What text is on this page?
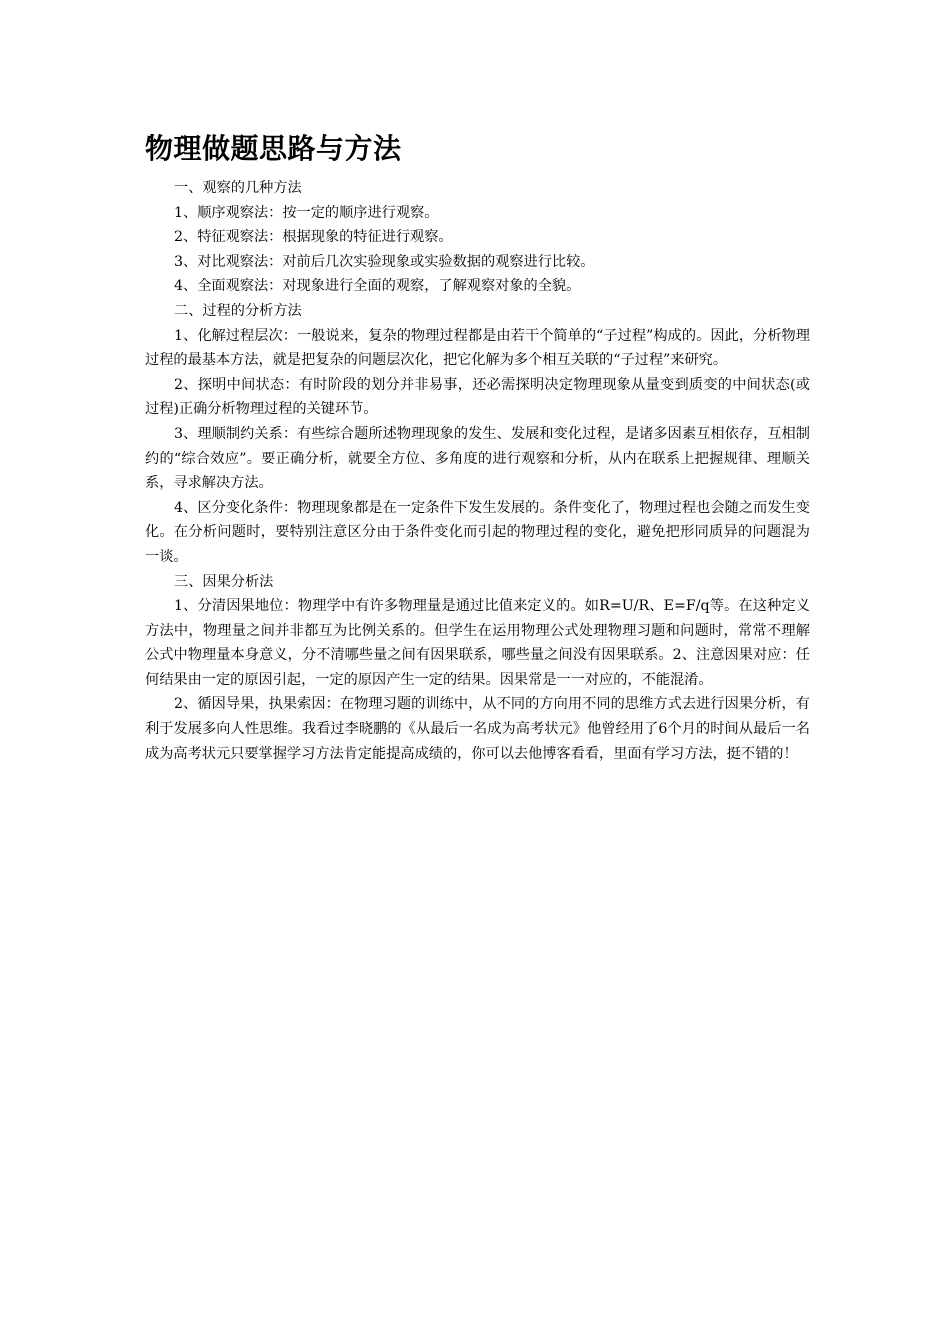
物理做题思路与方法

一、观察的几种方法

1、顺序观察法：按一定的顺序进行观察。

2、特征观察法：根据现象的特征进行观察。

3、对比观察法：对前后几次实验现象或实验数据的观察进行比较。

4、全面观察法：对现象进行全面的观察，了解观察对象的全貌。

二、过程的分析方法

1、化解过程层次：一般说来，复杂的物理过程都是由若干个简单的“子过程”构成的。因此，分析物理过程的最基本方法，就是把复杂的问题层次化，把它化解为多个相互关联的“子过程”来研究。

2、探明中间状态：有时阶段的划分并非易事，还必需探明决定物理现象从量变到质变的中间状态(或过程)正确分析物理过程的关键环节。

3、理顺制约关系：有些综合题所述物理现象的发生、发展和变化过程，是诸多因素互相依存，互相制约的“综合效应”。要正确分析，就要全方位、多角度的进行观察和分析，从内在联系上把握规律、理顺关系，寻求解决方法。

4、区分变化条件：物理现象都是在一定条件下发生发展的。条件变化了，物理过程也会随之而发生变化。在分析问题时，要特别注意区分由于条件变化而引起的物理过程的变化，避免把形同质异的问题混为一谈。

三、因果分析法

1、分清因果地位：物理学中有许多物理量是通过比值来定义的。如R=U/R、E=F/q等。在这种定义方法中，物理量之间并非都互为比例关系的。但学生在运用物理公式处理物理习题和问题时，常常不理解公式中物理量本身意义，分不清哪些量之间有因果联系，哪些量之间没有因果联系。2、注意因果对应：任何结果由一定的原因引起，一定的原因产生一定的结果。因果常是一一对应的，不能混淆。

2、循因导果，执果索因：在物理习题的训练中，从不同的方向用不同的思维方式去进行因果分析，有利于发展多向人性思维。我看过李晓鹏的《从最后一名成为高考状元》他曾经用了6个月的时间从最后一名成为高考状元只要掌握学习方法肯定能提高成绩的，你可以去他博客看看，里面有学习方法，挺不错的！
